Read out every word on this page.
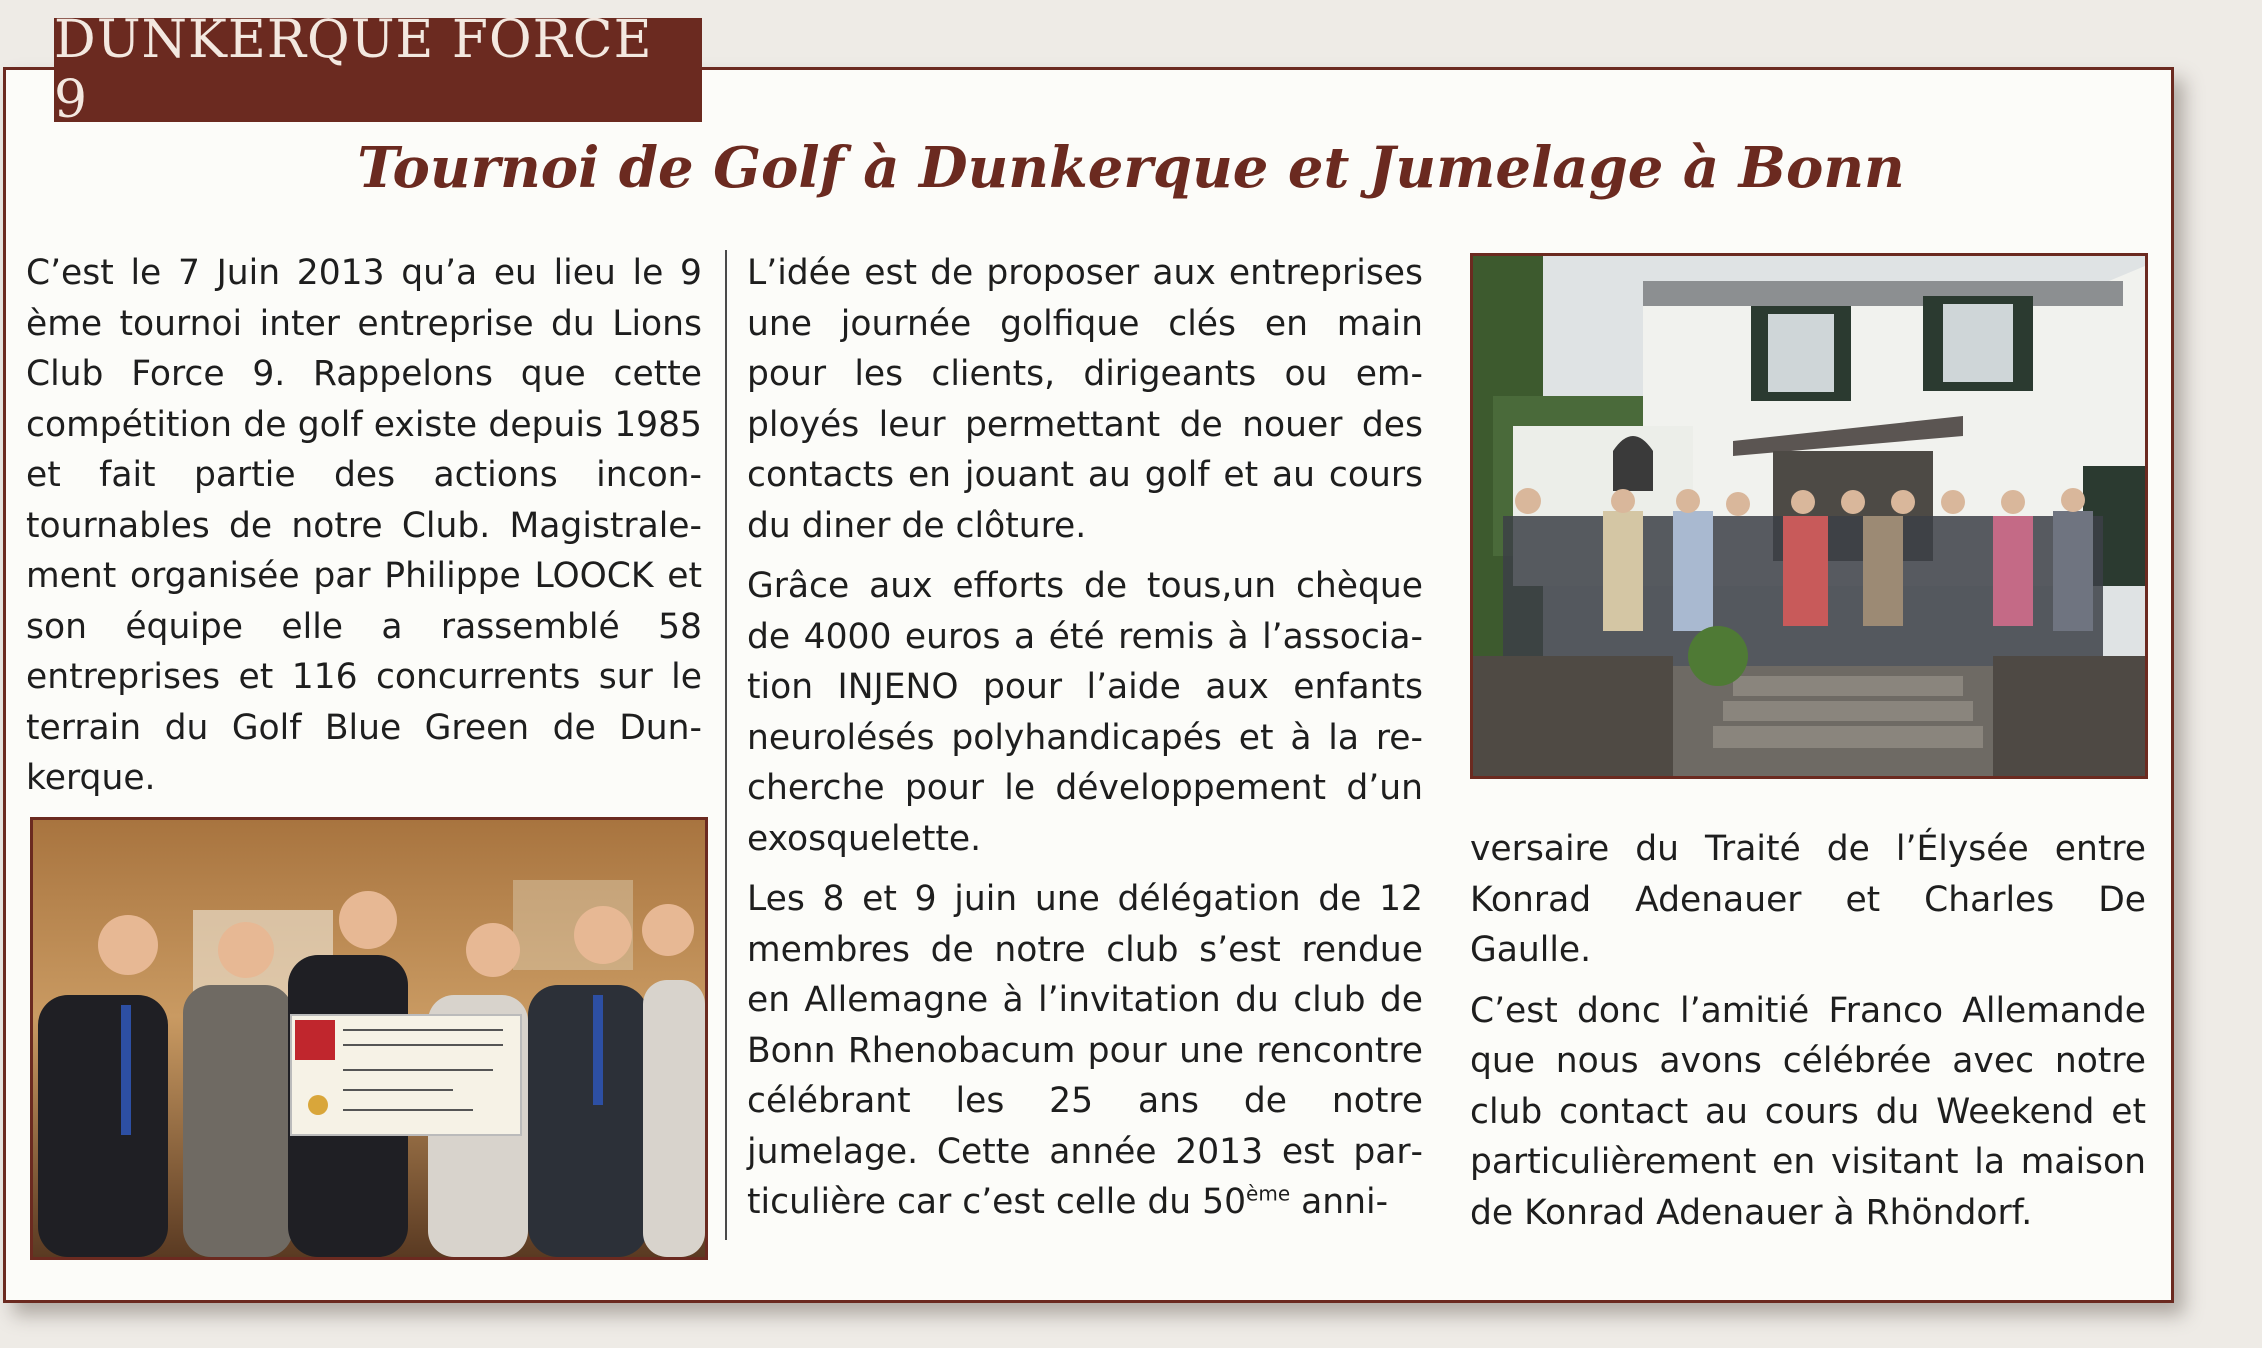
DUNKERQUE FORCE 9
Tournoi de Golf à Dunkerque et Jumelage à Bonn

C’est le 7 Juin 2013 qu’a eu lieu le 9 ème tournoi inter entreprise du Lions Club Force 9. Rappelons que cette compétition de golf existe depuis 1985 et fait partie des actions incontournables de notre Club. Magistralement organisée par Philippe LOOCK et son équipe elle a rassemblé 58 entreprises et 116 concurrents sur le terrain du Golf Blue Green de Dunkerque.

L’idée est de proposer aux entreprises une journée golfique clés en main pour les clients, dirigeants ou employés leur permettant de nouer des contacts en jouant au golf et au cours du diner de clôture.

Grâce aux efforts de tous,un chèque de 4000 euros a été remis à l’association INJENO pour l’aide aux enfants neurolésés polyhandicapés et à la recherche pour le développement d’un exosquelette.

Les 8 et 9 juin une délégation de 12 membres de notre club s’est rendue en Allemagne à l’invitation du club de Bonn Rhenobacum pour une rencontre célébrant les 25 ans de notre jumelage. Cette année 2013 est particulière car c’est celle du 50ème anni-

versaire du Traité de l’Élysée entre Konrad Adenauer et Charles De Gaulle.

C’est donc l’amitié Franco Allemande que nous avons célébrée avec notre club contact au cours du Weekend et particulièrement en visitant la maison de Konrad Adenauer à Rhöndorf.
